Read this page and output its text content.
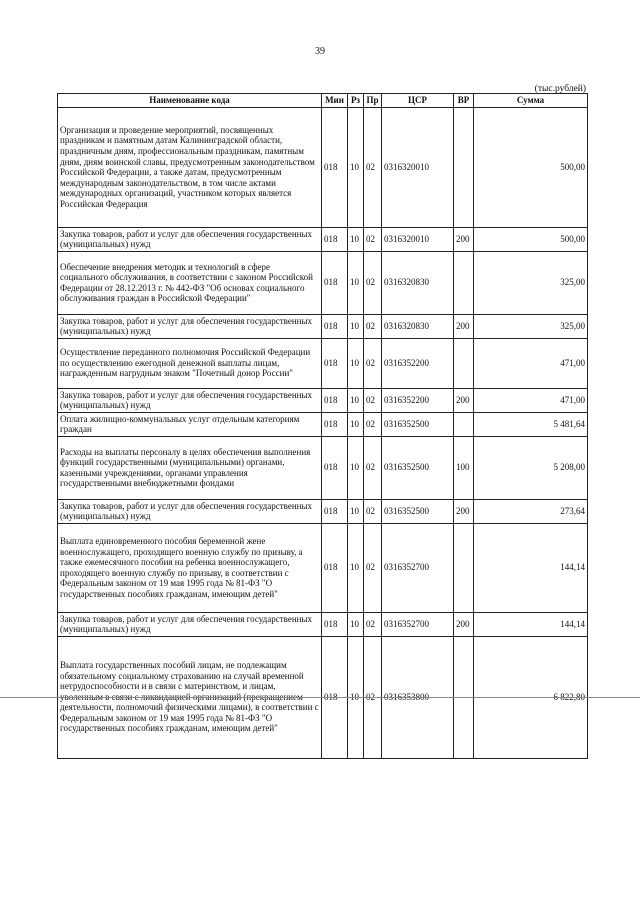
39
(тыс.рублей)
Наименование кода	Мин	Рз	Пр	ЦСР	ВР	Сумма
Организация и проведение мероприятий, посвященных праздникам и памятным датам Калининградской области, праздничным дням, профессиональным праздникам, памятным дням, дням воинской славы, предусмотренным законодательством Российской Федерации, а также датам, предусмотренным международным законодательством, в том числе актами международных организаций, участником которых является Российская Федерация	018	10	02	0316320010		500,00
Закупка товаров, работ и услуг для обеспечения государственных (муниципальных) нужд	018	10	02	0316320010	200	500,00
Обеспечение внедрения методик и технологий в сфере социального обслуживания, в соответствии с законом Российской Федерации от 28.12.2013 г. № 442-ФЗ "Об основах социального обслуживания граждан в Российской Федерации"	018	10	02	0316320830		325,00
Закупка товаров, работ и услуг для обеспечения государственных (муниципальных) нужд	018	10	02	0316320830	200	325,00
Осуществление переданного полномочия Российской Федерации по осуществлению ежегодной денежной выплаты лицам, награжденным нагрудным знаком "Почетный донор России"	018	10	02	0316352200		471,00
Закупка товаров, работ и услуг для обеспечения государственных (муниципальных) нужд	018	10	02	0316352200	200	471,00
Оплата жилищно-коммунальных услуг отдельным категориям граждан	018	10	02	0316352500		5 481,64
Расходы на выплаты персоналу в целях обеспечения выполнения функций государственными (муниципальными) органами, казенными учреждениями, органами управления государственными внебюджетными фондами	018	10	02	0316352500	100	5 208,00
Закупка товаров, работ и услуг для обеспечения государственных (муниципальных) нужд	018	10	02	0316352500	200	273,64
Выплата единовременного пособия беременной жене военнослужащего, проходящего военную службу по призыву, а также ежемесячного пособия на ребенка военнослужащего, проходящего военную службу по призыву, в соответствии с Федеральным законом от 19 мая 1995 года № 81-ФЗ "О государственных пособиях гражданам, имеющим детей"	018	10	02	0316352700		144,14
Закупка товаров, работ и услуг для обеспечения государственных (муниципальных) нужд	018	10	02	0316352700	200	144,14
Выплата государственных пособий лицам, не подлежащим обязательному социальному страхованию на случай временной нетрудоспособности и в связи с материнством, и лицам, уволенным в связи с ликвидацией организаций (прекращением деятельности, полномочий физическими лицами), в соответствии с Федеральным законом от 19 мая 1995 года № 81-ФЗ "О государственных пособиях гражданам, имеющим детей"	018	10	02	0316353800		6 822,80
